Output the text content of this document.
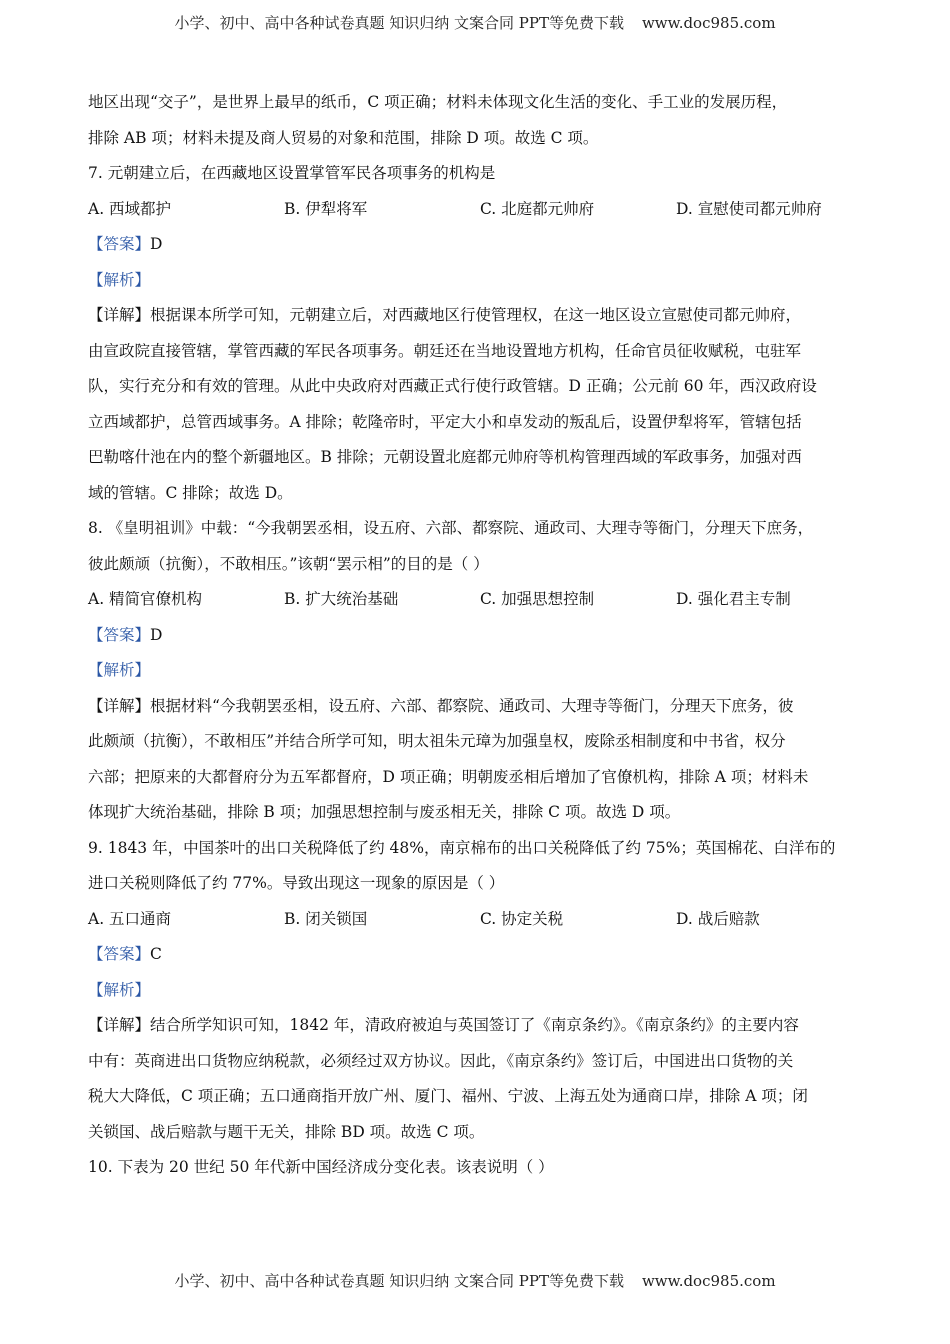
小学、初中、高中各种试卷真题 知识归纳 文案合同 PPT等免费下载 www.doc985.com
地区出现“交子”，是世界上最早的纸币，C 项正确；材料未体现文化生活的变化、手工业的发展历程，
排除 AB 项；材料未提及商人贸易的对象和范围，排除 D 项。故选 C 项。
7. 元朝建立后，在西藏地区设置掌管军民各项事务的机构是
A. 西域都护	B. 伊犁将军	C. 北庭都元帅府	D. 宣慰使司都元帅府
【答案】D
【解析】
【详解】根据课本所学可知，元朝建立后，对西藏地区行使管理权，在这一地区设立宣慰使司都元帅府，
由宣政院直接管辖，掌管西藏的军民各项事务。朝廷还在当地设置地方机构，任命官员征收赋税，屯驻军
队，实行充分和有效的管理。从此中央政府对西藏正式行使行政管辖。D 正确；公元前 60 年，西汉政府设
立西域都护，总管西域事务。A 排除；乾隆帝时，平定大小和卓发动的叛乱后，设置伊犁将军，管辖包括
巴勒喀什池在内的整个新疆地区。B 排除；元朝设置北庭都元帅府等机构管理西域的军政事务，加强对西
域的管辖。C 排除；故选 D。
8. 《皇明祖训》中载：“今我朝罢丞相，设五府、六部、都察院、通政司、大理寺等衙门，分理天下庶务，
彼此颇颃（抗衡），不敢相压。”该朝“罢示相”的目的是（ ）
A. 精简官僚机构	B. 扩大统治基础	C. 加强思想控制	D. 强化君主专制
【答案】D
【解析】
【详解】根据材料“今我朝罢丞相，设五府、六部、都察院、通政司、大理寺等衙门，分理天下庶务，彼
此颇颃（抗衡），不敢相压”并结合所学可知，明太祖朱元璋为加强皇权，废除丞相制度和中书省，权分
六部；把原来的大都督府分为五军都督府，D 项正确；明朝废丞相后增加了官僚机构，排除 A 项；材料未
体现扩大统治基础，排除 B 项；加强思想控制与废丞相无关，排除 C 项。故选 D 项。
9. 1843 年，中国茶叶的出口关税降低了约 48%，南京棉布的出口关税降低了约 75%；英国棉花、白洋布的
进口关税则降低了约 77%。导致出现这一现象的原因是（ ）
A. 五口通商	B. 闭关锁国	C. 协定关税	D. 战后赔款
【答案】C
【解析】
【详解】结合所学知识可知，1842 年，清政府被迫与英国签订了《南京条约》。《南京条约》的主要内容
中有：英商进出口货物应纳税款，必须经过双方协议。因此，《南京条约》签订后，中国进出口货物的关
税大大降低，C 项正确；五口通商指开放广州、厦门、福州、宁波、上海五处为通商口岸，排除 A 项；闭
关锁国、战后赔款与题干无关，排除 BD 项。故选 C 项。
10. 下表为 20 世纪 50 年代新中国经济成分变化表。该表说明（ ）
小学、初中、高中各种试卷真题 知识归纳 文案合同 PPT等免费下载 www.doc985.com
